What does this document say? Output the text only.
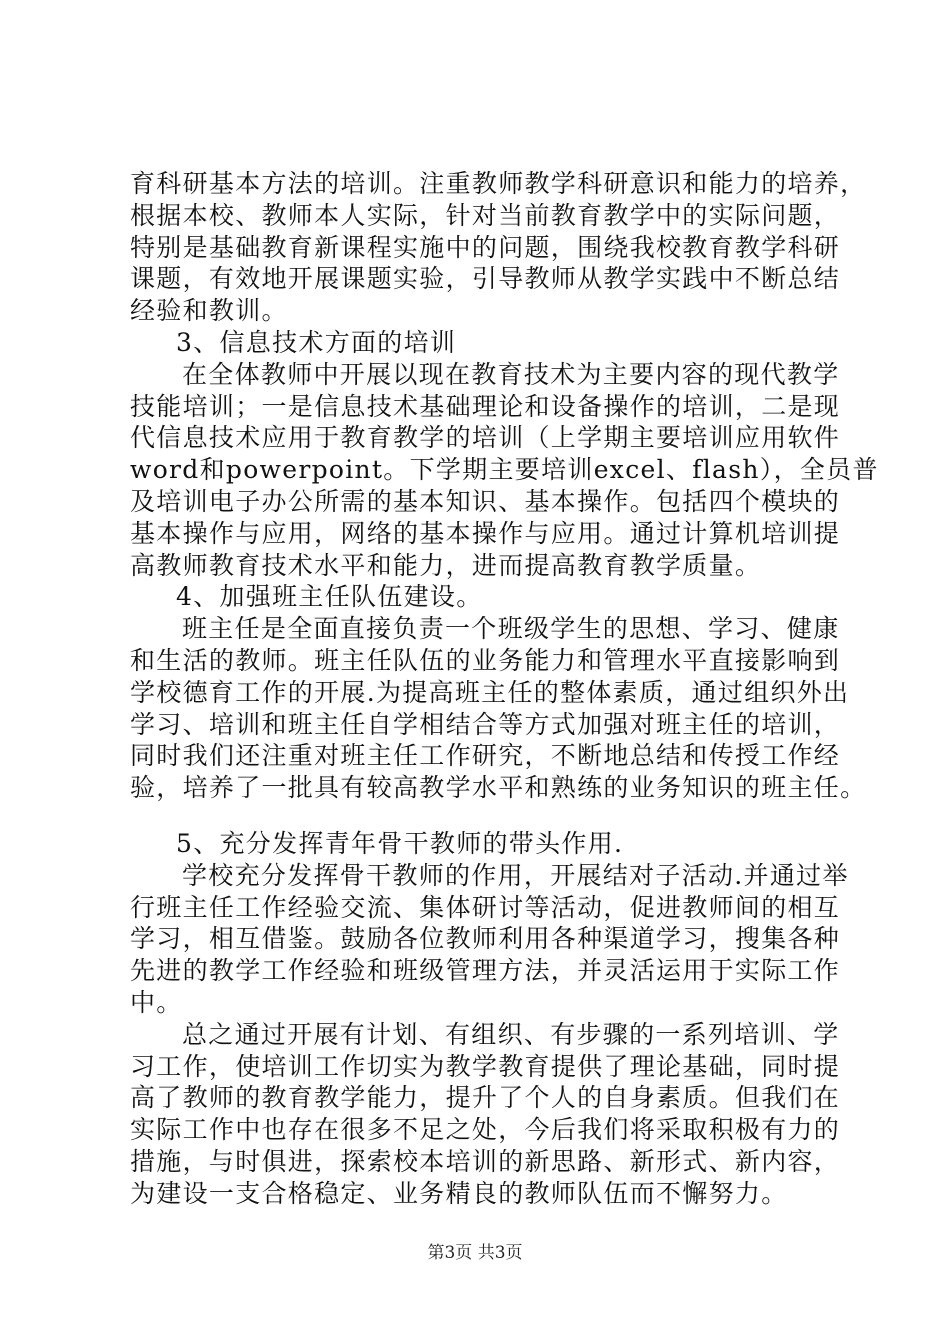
育科研基本方法的培训。注重教师教学科研意识和能力的培养，
根据本校、教师本人实际，针对当前教育教学中的实际问题，
特别是基础教育新课程实施中的问题，围绕我校教育教学科研
课题，有效地开展课题实验，引导教师从教学实践中不断总结
经验和教训。
3、信息技术方面的培训
在全体教师中开展以现在教育技术为主要内容的现代教学
技能培训；一是信息技术基础理论和设备操作的培训，二是现
代信息技术应用于教育教学的培训（上学期主要培训应用软件
word和powerpoint。下学期主要培训excel、flash），全员普
及培训电子办公所需的基本知识、基本操作。包括四个模块的
基本操作与应用，网络的基本操作与应用。通过计算机培训提
高教师教育技术水平和能力，进而提高教育教学质量。
4、加强班主任队伍建设。
班主任是全面直接负责一个班级学生的思想、学习、健康
和生活的教师。班主任队伍的业务能力和管理水平直接影响到
学校德育工作的开展.为提高班主任的整体素质，通过组织外出
学习、培训和班主任自学相结合等方式加强对班主任的培训，
同时我们还注重对班主任工作研究，不断地总结和传授工作经
验，培养了一批具有较高教学水平和熟练的业务知识的班主任。
5、充分发挥青年骨干教师的带头作用.
学校充分发挥骨干教师的作用，开展结对子活动.并通过举
行班主任工作经验交流、集体研讨等活动，促进教师间的相互
学习，相互借鉴。鼓励各位教师利用各种渠道学习，搜集各种
先进的教学工作经验和班级管理方法，并灵活运用于实际工作
中。
总之通过开展有计划、有组织、有步骤的一系列培训、学
习工作，使培训工作切实为教学教育提供了理论基础，同时提
高了教师的教育教学能力，提升了个人的自身素质。但我们在
实际工作中也存在很多不足之处，今后我们将采取积极有力的
措施，与时俱进，探索校本培训的新思路、新形式、新内容，
为建设一支合格稳定、业务精良的教师队伍而不懈努力。
第3页 共3页
